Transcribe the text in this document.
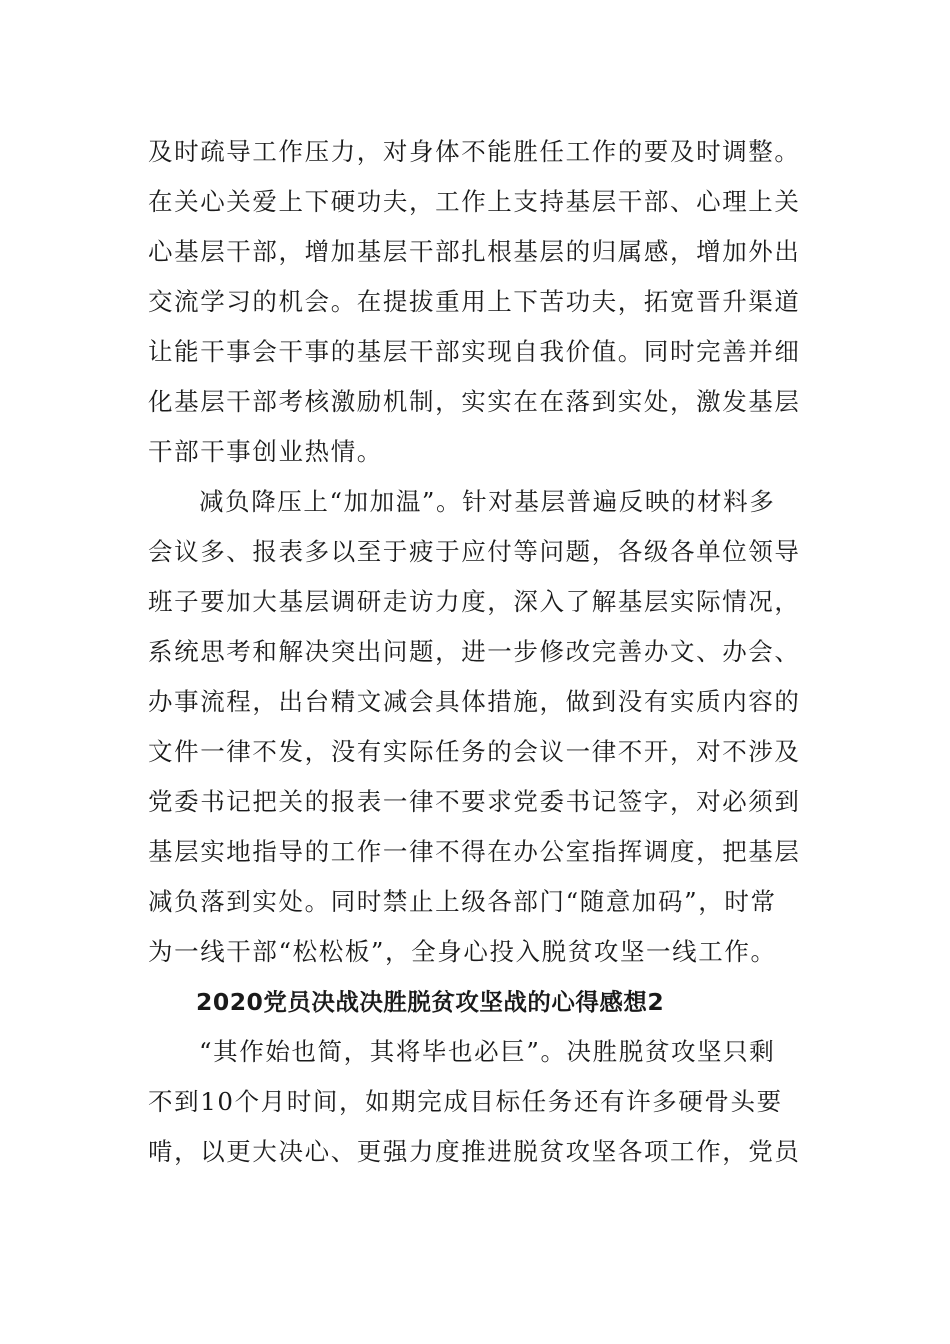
及时疏导工作压力，对身体不能胜任工作的要及时调整。
在关心关爱上下硬功夫，工作上支持基层干部、心理上关
心基层干部，增加基层干部扎根基层的归属感，增加外出
交流学习的机会。在提拔重用上下苦功夫，拓宽晋升渠道
让能干事会干事的基层干部实现自我价值。同时完善并细
化基层干部考核激励机制，实实在在落到实处，激发基层
干部干事创业热情。
减负降压上“加加温”。针对基层普遍反映的材料多
会议多、报表多以至于疲于应付等问题，各级各单位领导
班子要加大基层调研走访力度，深入了解基层实际情况，
系统思考和解决突出问题，进一步修改完善办文、办会、
办事流程，出台精文减会具体措施，做到没有实质内容的
文件一律不发，没有实际任务的会议一律不开，对不涉及
党委书记把关的报表一律不要求党委书记签字，对必须到
基层实地指导的工作一律不得在办公室指挥调度，把基层
减负落到实处。同时禁止上级各部门“随意加码”，时常
为一线干部“松松板”，全身心投入脱贫攻坚一线工作。
2020党员决战决胜脱贫攻坚战的心得感想2
“其作始也简，其将毕也必巨”。决胜脱贫攻坚只剩
不到10个月时间，如期完成目标任务还有许多硬骨头要
啃，以更大决心、更强力度推进脱贫攻坚各项工作，党员
